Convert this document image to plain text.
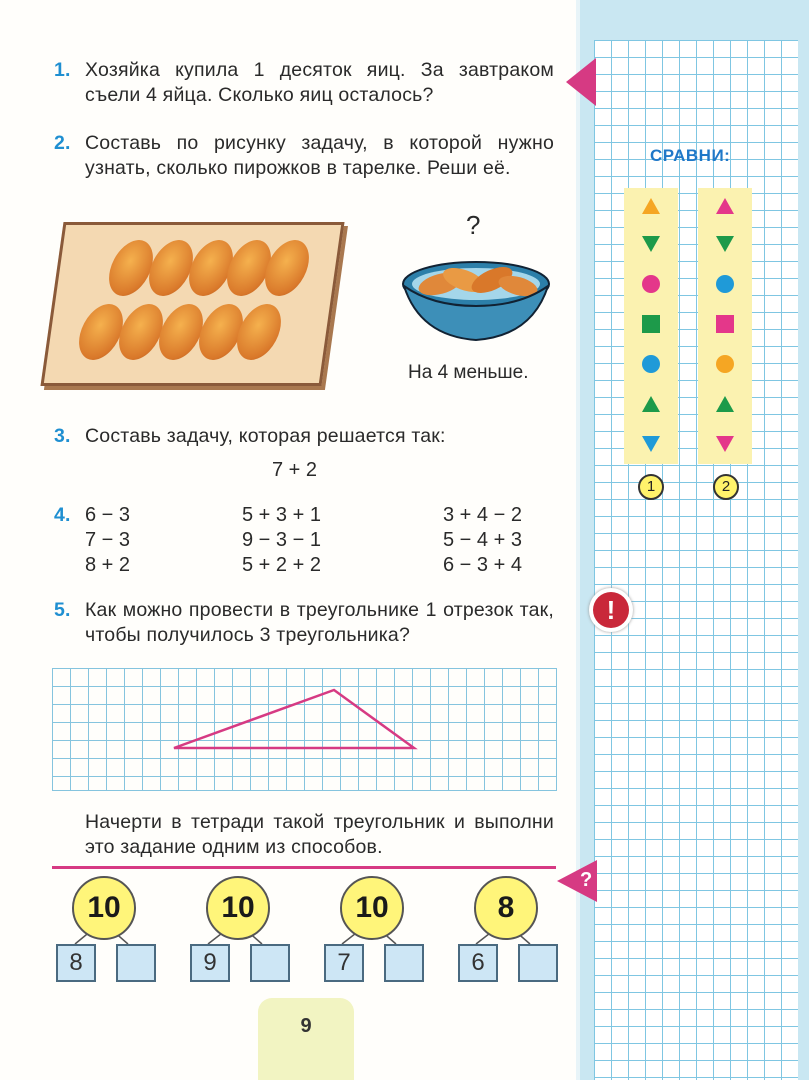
1. Хозяйка купила 1 десяток яиц. За завтраком съели 4 яйца. Сколько яиц осталось?
2. Составь по рисунку задачу, в которой нужно узнать, сколько пирожков в тарелке. Реши её.
?
На 4 меньше.
3. Составь задачу, которая решается так:
7 + 2
4. 6 − 3
7 − 3
8 + 2
5 + 3 + 1
9 − 3 − 1
5 + 2 + 2
3 + 4 − 2
5 − 4 + 3
6 − 3 + 4
5. Как можно провести в треугольнике 1 отрезок так, чтобы получилось 3 треугольника?
!
Начерти в тетради такой треугольник и выполни это задание одним из способов.
?
10
8
10
9
10
7
8
6
9
СРАВНИ:
1	2
